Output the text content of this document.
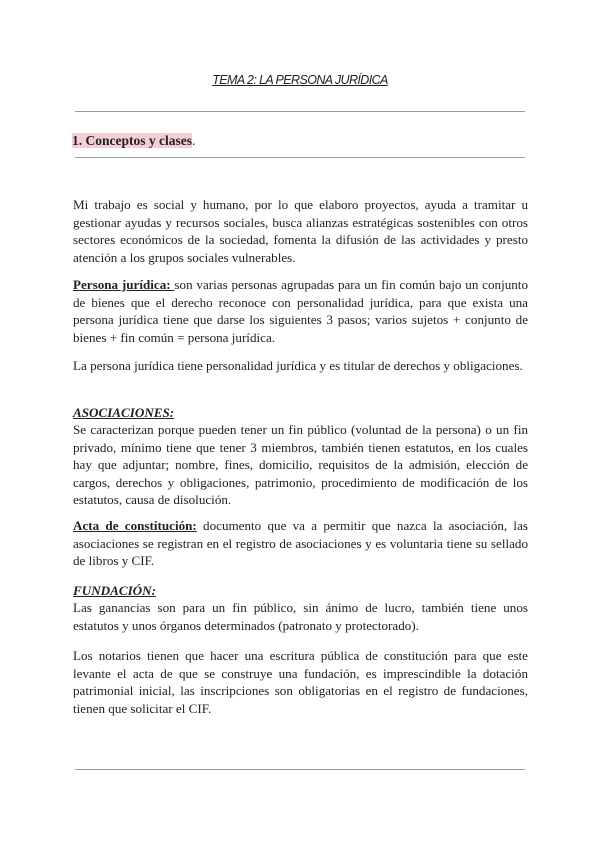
TEMA 2: LA PERSONA JURÍDICA
1. Conceptos y clases.

Mi trabajo es social y humano, por lo que elaboro proyectos, ayuda a tramitar u gestionar ayudas y recursos sociales, busca alianzas estratégicas sostenibles con otros sectores económicos de la sociedad, fomenta la difusión de las actividades y presto atención a los grupos sociales vulnerables.

Persona jurídica: son varias personas agrupadas para un fin común bajo un conjunto de bienes que el derecho reconoce con personalidad jurídica, para que exista una persona jurídica tiene que darse los siguientes 3 pasos; varios sujetos + conjunto de bienes + fin común = persona jurídica.

La persona jurídica tiene personalidad jurídica y es titular de derechos y obligaciones.

ASOCIACIONES:

Se caracterizan porque pueden tener un fin público (voluntad de la persona) o un fin privado, mínimo tiene que tener 3 miembros, también tienen estatutos, en los cuales hay que adjuntar; nombre, fines, domicilio, requisitos de la admisión, elección de cargos, derechos y obligaciones, patrimonio, procedimiento de modificación de los estatutos, causa de disolución.

Acta de constitución: documento que va a permitir que nazca la asociación, las asociaciones se registran en el registro de asociaciones y es voluntaria tiene su sellado de libros y CIF.

FUNDACIÓN:

Las ganancias son para un fin público, sin ánimo de lucro, también tiene unos estatutos y unos órganos determinados (patronato y protectorado).

Los notarios tienen que hacer una escritura pública de constitución para que este levante el acta de que se construye una fundación, es imprescindible la dotación patrimonial inicial, las inscripciones son obligatorias en el registro de fundaciones, tienen que solicitar el CIF.
